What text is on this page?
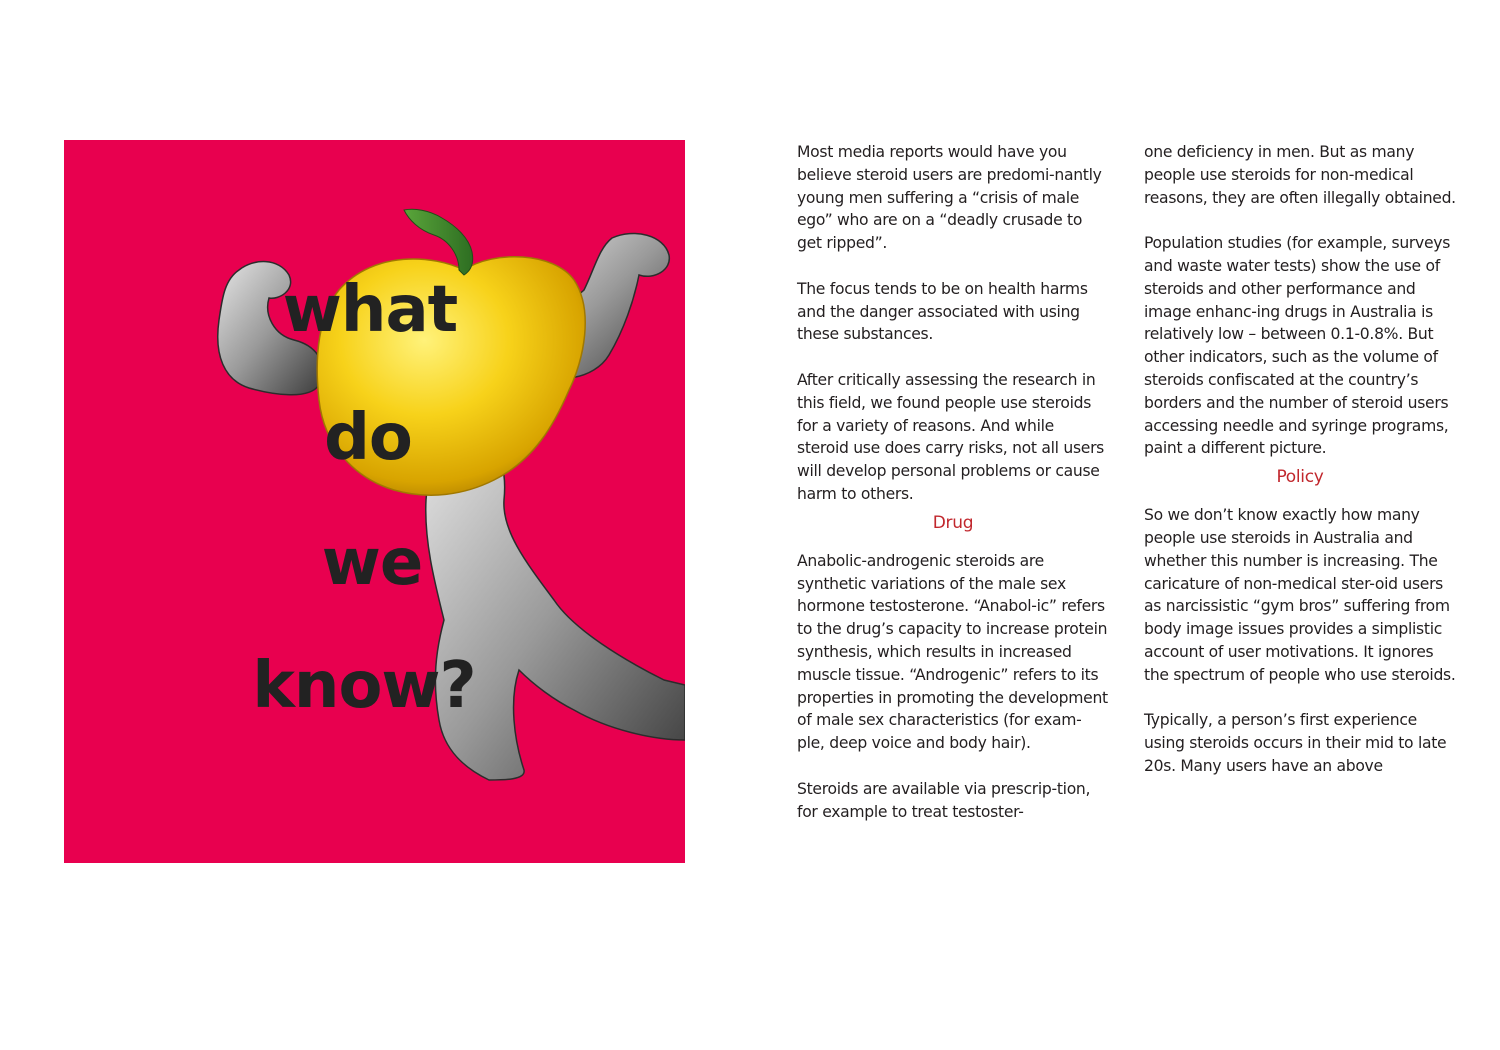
what
do
we
know?

Most media reports would have you believe steroid users are predomi-nantly young men suffering a “crisis of male ego” who are on a “deadly crusade to get ripped”.

The focus tends to be on health harms and the danger associated with using these substances.

After critically assessing the research in this field, we found people use steroids for a variety of reasons. And while steroid use does carry risks, not all users will develop personal problems or cause harm to others.

Drug

Anabolic-androgenic steroids are synthetic variations of the male sex hormone testosterone. “Anabol-ic” refers to the drug’s capacity to increase protein synthesis, which results in increased muscle tissue. “Androgenic” refers to its properties in promoting the development of male sex characteristics (for exam-ple, deep voice and body hair).

Steroids are available via prescrip-tion, for example to treat testoster-

one deficiency in men. But as many people use steroids for non-medical reasons, they are often illegally obtained.

Population studies (for example, surveys and waste water tests) show the use of steroids and other performance and image enhanc-ing drugs in Australia is relatively low – between 0.1-0.8%. But other indicators, such as the volume of steroids confiscated at the country’s borders and the number of steroid users accessing needle and syringe programs, paint a different picture.

Policy

So we don’t know exactly how many people use steroids in Australia and whether this number is increasing. The caricature of non-medical ster-oid users as narcissistic “gym bros” suffering from body image issues provides a simplistic account of user motivations. It ignores the spectrum of people who use steroids.

Typically, a person’s first experience using steroids occurs in their mid to late 20s. Many users have an above
